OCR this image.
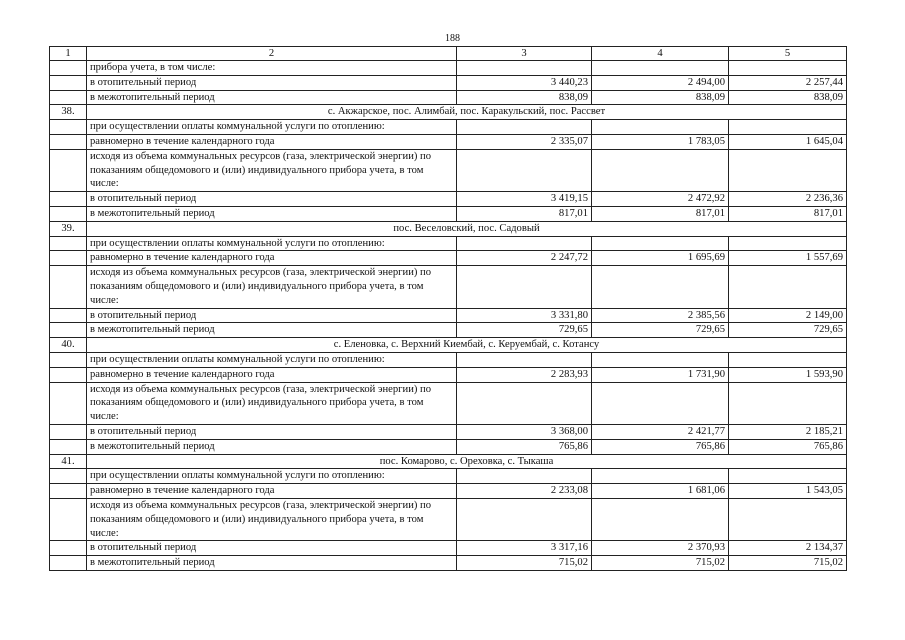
188
1	2	3	4	5
	прибора учета, в том числе:			
	в отопительный период	3 440,23	2 494,00	2 257,44
	в межотопительный период	838,09	838,09	838,09
38.	с. Акжарское, пос. Алимбай, пос. Каракульский, пос. Рассвет			
	при осуществлении оплаты коммунальной услуги по отоплению:			
	равномерно в течение календарного года	2 335,07	1 783,05	1 645,04
	исходя из объема коммунальных ресурсов (газа, электрической энергии) по показаниям общедомового и (или) индивидуального прибора учета, в том числе:			
	в отопительный период	3 419,15	2 472,92	2 236,36
	в межотопительный период	817,01	817,01	817,01
39.	пос. Веселовский, пос. Садовый			
	при осуществлении оплаты коммунальной услуги по отоплению:			
	равномерно в течение календарного года	2 247,72	1 695,69	1 557,69
	исходя из объема коммунальных ресурсов (газа, электрической энергии) по показаниям общедомового и (или) индивидуального прибора учета, в том числе:			
	в отопительный период	3 331,80	2 385,56	2 149,00
	в межотопительный период	729,65	729,65	729,65
40.	с. Еленовка, с. Верхний Киембай, с. Керуембай, с. Котансу			
	при осуществлении оплаты коммунальной услуги по отоплению:			
	равномерно в течение календарного года	2 283,93	1 731,90	1 593,90
	исходя из объема коммунальных ресурсов (газа, электрической энергии) по показаниям общедомового и (или) индивидуального прибора учета, в том числе:			
	в отопительный период	3 368,00	2 421,77	2 185,21
	в межотопительный период	765,86	765,86	765,86
41.	пос. Комарово, с. Ореховка, с. Тыкаша			
	при осуществлении оплаты коммунальной услуги по отоплению:			
	равномерно в течение календарного года	2 233,08	1 681,06	1 543,05
	исходя из объема коммунальных ресурсов (газа, электрической энергии) по показаниям общедомового и (или) индивидуального прибора учета, в том числе:			
	в отопительный период	3 317,16	2 370,93	2 134,37
	в межотопительный период	715,02	715,02	715,02
